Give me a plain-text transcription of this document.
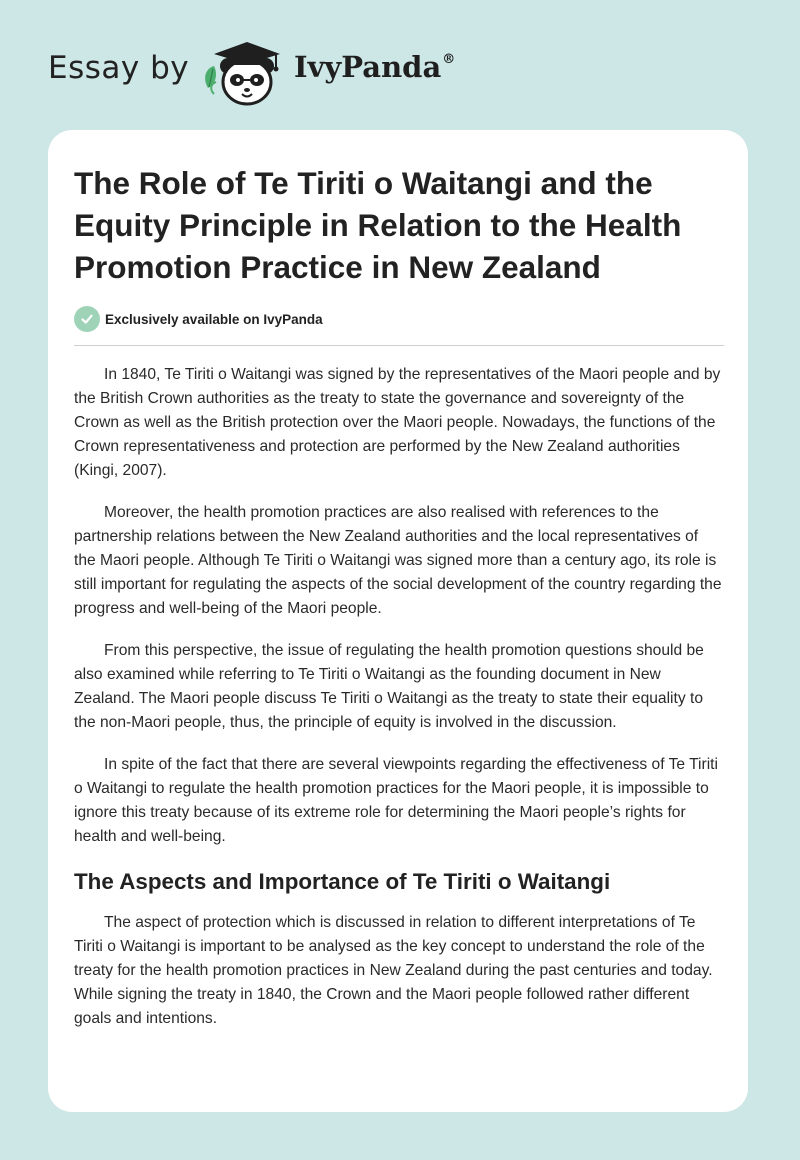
Essay by	IvyPanda®
The Role of Te Tiriti o Waitangi and the Equity Principle in Relation to the Health Promotion Practice in New Zealand
Exclusively available on IvyPanda

In 1840, Te Tiriti o Waitangi was signed by the representatives of the Maori people and by the British Crown authorities as the treaty to state the governance and sovereignty of the Crown as well as the British protection over the Maori people. Nowadays, the functions of the Crown representativeness and protection are performed by the New Zealand authorities (Kingi, 2007).

Moreover, the health promotion practices are also realised with references to the partnership relations between the New Zealand authorities and the local representatives of the Maori people. Although Te Tiriti o Waitangi was signed more than a century ago, its role is still important for regulating the aspects of the social development of the country regarding the progress and well-being of the Maori people.

From this perspective, the issue of regulating the health promotion questions should be also examined while referring to Te Tiriti o Waitangi as the founding document in New Zealand. The Maori people discuss Te Tiriti o Waitangi as the treaty to state their equality to the non-Maori people, thus, the principle of equity is involved in the discussion.

In spite of the fact that there are several viewpoints regarding the effectiveness of Te Tiriti o Waitangi to regulate the health promotion practices for the Maori people, it is impossible to ignore this treaty because of its extreme role for determining the Maori people’s rights for health and well-being.

The Aspects and Importance of Te Tiriti o Waitangi

The aspect of protection which is discussed in relation to different interpretations of Te Tiriti o Waitangi is important to be analysed as the key concept to understand the role of the treaty for the health promotion practices in New Zealand during the past centuries and today. While signing the treaty in 1840, the Crown and the Maori people followed rather different goals and intentions.
